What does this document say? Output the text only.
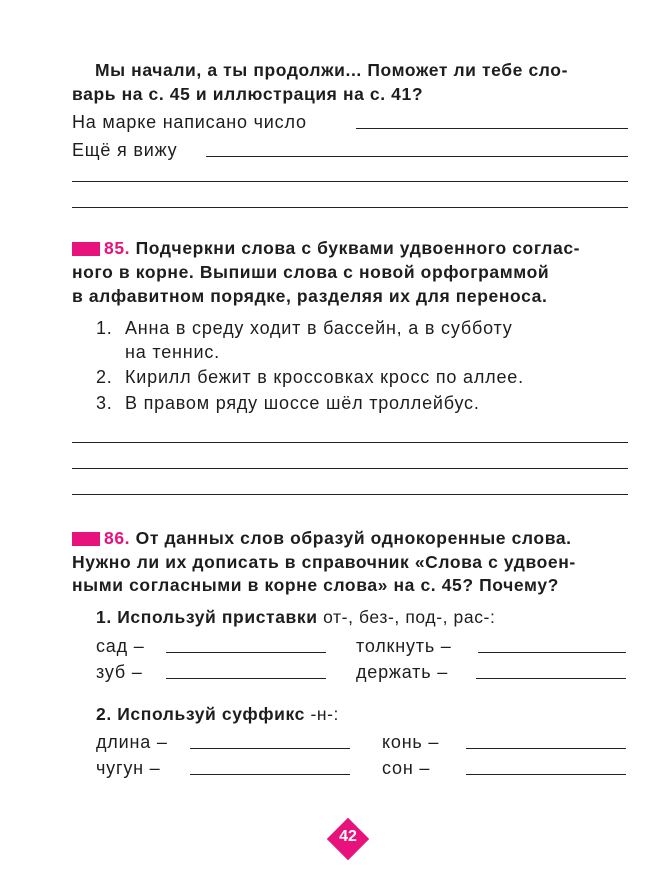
Мы начали, а ты продолжи... Поможет ли тебе сло-
варь на с. 45 и иллюстрация на с. 41?
На марке написано число
Ещё я вижу
85. Подчеркни слова с буквами удвоенного соглас-
ного в корне. Выпиши слова с новой орфограммой
в алфавитном порядке, разделяя их для переноса.
1. Анна в среду ходит в бассейн, а в субботу
на теннис.
2. Кирилл бежит в кроссовках кросс по аллее.
3. В правом ряду шоссе шёл троллейбус.
86. От данных слов образуй однокоренные слова.
Нужно ли их дописать в справочник «Слова с удвоен-
ными согласными в корне слова» на с. 45? Почему?
1. Используй приставки от-, без-, под-, рас-:
сад –	толкнуть –
зуб –	держать –
2. Используй суффикс -н-:
длина –	конь –
чугун –	сон –
42
